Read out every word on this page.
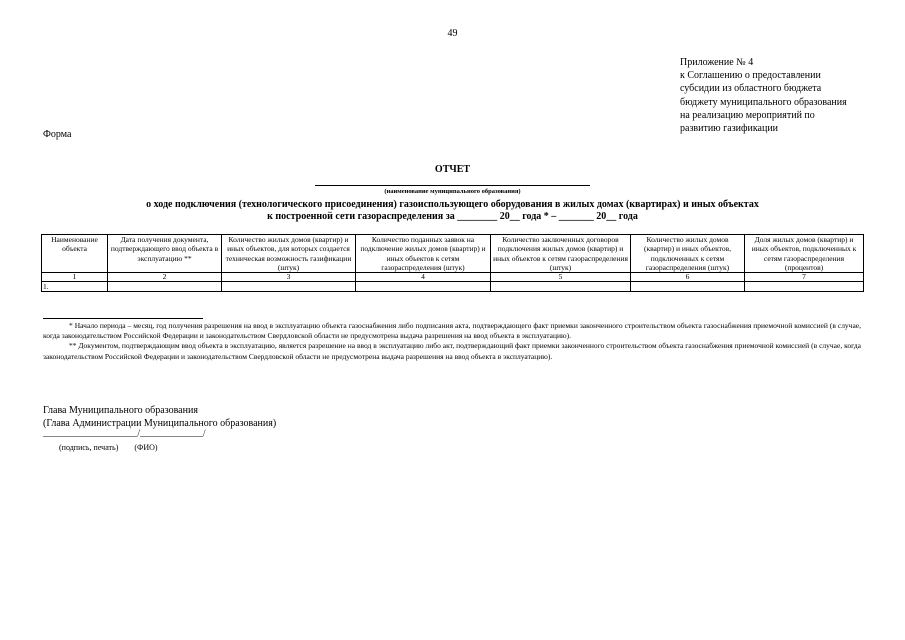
49
Приложение № 4
к Соглашению о предоставлении
субсидии из областного бюджета
бюджету муниципального образования
на реализацию мероприятий по
развитию газификации
Форма
ОТЧЕТ
(наименование муниципального образования)
о ходе подключения (технологического присоединения) газоиспользующего оборудования в жилых домах (квартирах) и иных объектах
к построенной сети газораспределения за ________ 20__ года * – _______ 20__ года
Наименование объекта	Дата получения документа, подтверждающего ввод объекта в эксплуатацию **	Количество жилых домов (квартир) и иных объектов, для которых создается техническая возможность газификации (штук)	Количество поданных заявок на подключение жилых домов (квартир) и иных объектов к сетям газораспределения (штук)	Количество заключенных договоров подключения жилых домов (квартир) и иных объектов к сетям газораспределения (штук)	Количество жилых домов (квартир) и иных объектов, подключенных к сетям газораспределения (штук)	Доля жилых домов (квартир) и иных объектов, подключенных к сетям газораспределения (процентов)
1	2	3	4	5	6	7
1.						

* Начало периода – месяц, год получения разрешения на ввод в эксплуатацию объекта газоснабжения либо подписания акта, подтверждающего факт приемки законченного строительством объекта газоснабжения приемочной комиссией (в случае, когда законодательством Российской Федерации и законодательством Свердловской области не предусмотрена выдача разрешения на ввод объекта в эксплуатацию).

** Документом, подтверждающим ввод объекта в эксплуатацию, является разрешение на ввод в эксплуатацию либо акт, подтверждающий факт приемки законченного строительством объекта газоснабжения приемочной комиссией (в случае, когда законодательством Российской Федерации и законодательством Свердловской области не предусмотрена выдача разрешения на ввод объекта в эксплуатацию).

Глава Муниципального образования
(Глава Администрации Муниципального образования)
_____________________/______________/
(подпись, печать)        (ФИО)
